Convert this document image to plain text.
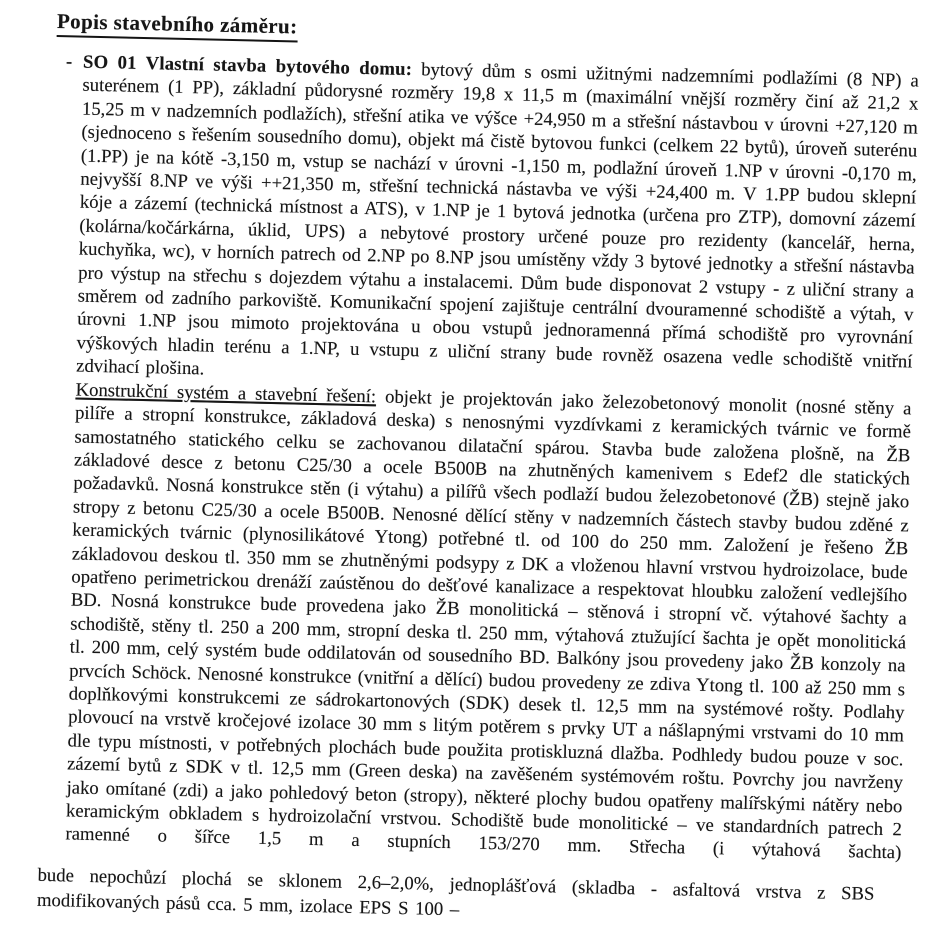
Popis stavebního záměru:
- SO 01 Vlastní stavba bytového domu: bytový dům s osmi užitnými nadzemními podlažími (8 NP) a suterénem (1 PP), základní půdorysné rozměry 19,8 x 11,5 m (maximální vnější rozměry činí až 21,2 x 15,25 m v nadzemních podlažích), střešní atika ve výšce +24,950 m a střešní nástavbou v úrovni +27,120 m (sjednoceno s řešením sousedního domu), objekt má čistě bytovou funkci (celkem 22 bytů), úroveň suterénu (1.PP) je na kótě -3,150 m, vstup se nachází v úrovni -1,150 m, podlažní úroveň 1.NP v úrovni -0,170 m, nejvyšší 8.NP ve výši ++21,350 m, střešní technická nástavba ve výši +24,400 m. V 1.PP budou sklepní kóje a zázemí (technická místnost a ATS), v 1.NP je 1 bytová jednotka (určena pro ZTP), domovní zázemí (kolárna/kočárkárna, úklid, UPS) a nebytové prostory určené pouze pro rezidenty (kancelář, herna, kuchyňka, wc), v horních patrech od 2.NP po 8.NP jsou umístěny vždy 3 bytové jednotky a střešní nástavba pro výstup na střechu s dojezdem výtahu a instalacemi. Dům bude disponovat 2 vstupy - z uliční strany a směrem od zadního parkoviště. Komunikační spojení zajištuje centrální dvouramenné schodiště a výtah, v úrovni 1.NP jsou mimoto projektována u obou vstupů jednoramenná přímá schodiště pro vyrovnání výškových hladin terénu a 1.NP, u vstupu z uliční strany bude rovněž osazena vedle schodiště vnitřní zdvihací plošina.

Konstrukční systém a stavební řešení: objekt je projektován jako železobetonový monolit (nosné stěny a pilíře a stropní konstrukce, základová deska) s nenosnými vyzdívkami z keramických tvárnic ve formě samostatného statického celku se zachovanou dilatační spárou. Stavba bude založena plošně, na ŽB základové desce z betonu C25/30 a ocele B500B na zhutněných kamenivem s Edef2 dle statických požadavků. Nosná konstrukce stěn (i výtahu) a pilířů všech podlaží budou železobetonové (ŽB) stejně jako stropy z betonu C25/30 a ocele B500B. Nenosné dělící stěny v nadzemních částech stavby budou zděné z keramických tvárnic (plynosilikátové Ytong) potřebné tl. od 100 do 250 mm. Založení je řešeno ŽB základovou deskou tl. 350 mm se zhutněnými podsypy z DK a vloženou hlavní vrstvou hydroizolace, bude opatřeno perimetrickou drenáží zaústěnou do dešťové kanalizace a respektovat hloubku založení vedlejšího BD. Nosná konstrukce bude provedena jako ŽB monolitická – stěnová i stropní vč. výtahové šachty a schodiště, stěny tl. 250 a 200 mm, stropní deska tl. 250 mm, výtahová ztužující šachta je opět monolitická tl. 200 mm, celý systém bude oddilatován od sousedního BD. Balkóny jsou provedeny jako ŽB konzoly na prvcích Schöck. Nenosné konstrukce (vnitřní a dělící) budou provedeny ze zdiva Ytong tl. 100 až 250 mm s doplňkovými konstrukcemi ze sádrokartonových (SDK) desek tl. 12,5 mm na systémové rošty. Podlahy plovoucí na vrstvě kročejové izolace 30 mm s litým potěrem s prvky UT a nášlapnými vrstvami do 10 mm dle typu místnosti, v potřebných plochách bude použita protiskluzná dlažba. Podhledy budou pouze v soc. zázemí bytů z SDK v tl. 12,5 mm (Green deska) na zavěšeném systémovém roštu. Povrchy jou navrženy jako omítané (zdi) a jako pohledový beton (stropy), některé plochy budou opatřeny malířskými nátěry nebo keramickým obkladem s hydroizolační vrstvou. Schodiště bude monolitické – ve standardních patrech 2 ramenné o šířce 1,5 m a stupních 153/270 mm. Střecha (i výtahová šachta)

bude nepochůzí plochá se sklonem 2,6–2,0%, jednoplášťová (skladba - asfaltová vrstva z SBS modifikovaných pásů cca. 5 mm, izolace EPS S 100 –
